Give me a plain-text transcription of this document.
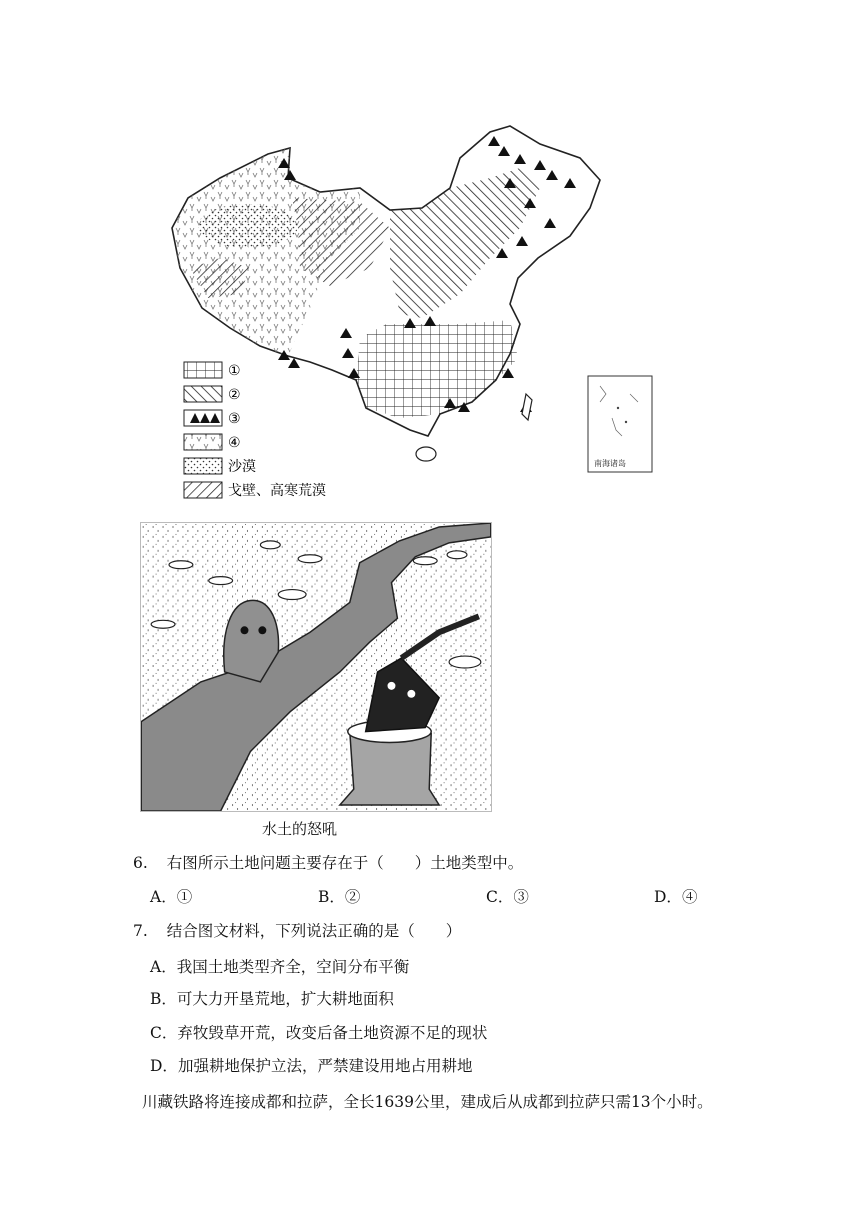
南海诸岛
①
②
③
④
沙漠
戈壁、高寒荒漠
水土的怒吼
6. 右图所示土地问题主要存在于（　　）土地类型中。
A．①	B．②	C．③	D．④
7. 结合图文材料，下列说法正确的是（　　）
A．我国土地类型齐全，空间分布平衡
B．可大力开垦荒地，扩大耕地面积
C．弃牧毁草开荒，改变后备土地资源不足的现状
D．加强耕地保护立法，严禁建设用地占用耕地
川藏铁路将连接成都和拉萨，全长1639公里，建成后从成都到拉萨只需13个小时。
